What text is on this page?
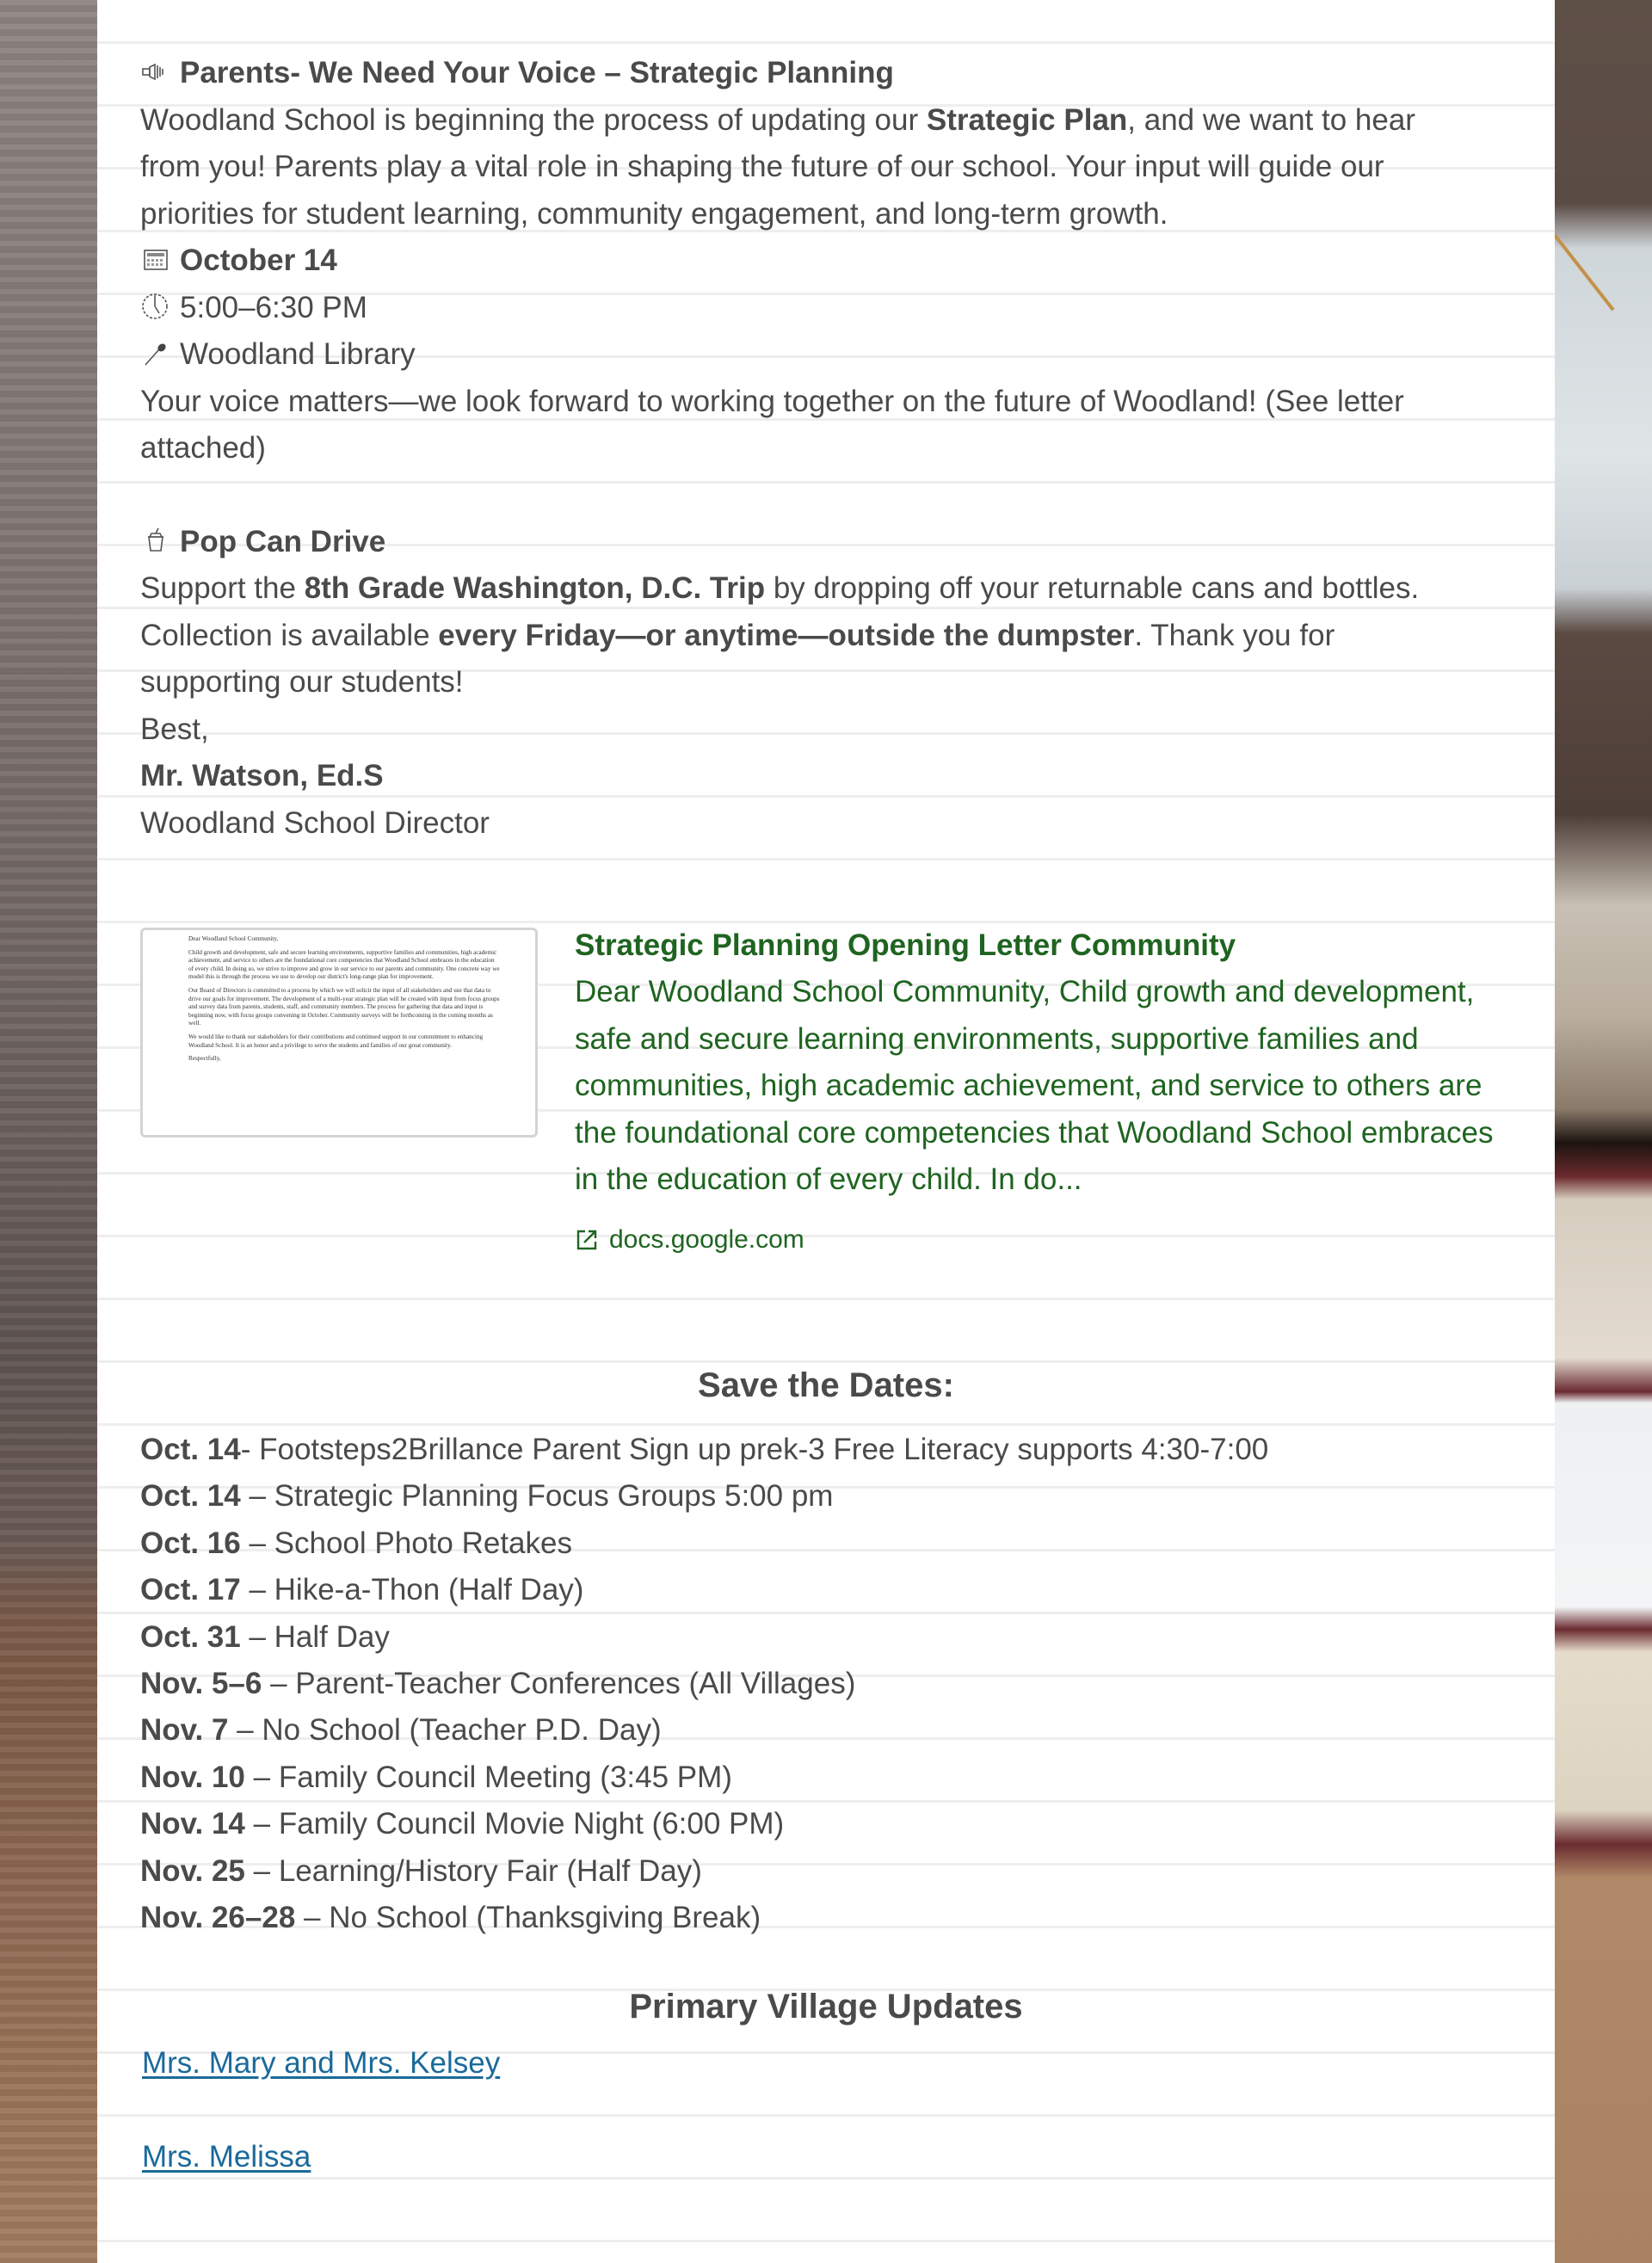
Parents- We Need Your Voice – Strategic Planning
Woodland School is beginning the process of updating our Strategic Plan, and we want to hear from you! Parents play a vital role in shaping the future of our school. Your input will guide our priorities for student learning, community engagement, and long-term growth.
October 14
5:00–6:30 PM
Woodland Library
Your voice matters—we look forward to working together on the future of Woodland! (See letter attached)
Pop Can Drive
Support the 8th Grade Washington, D.C. Trip by dropping off your returnable cans and bottles.
Collection is available every Friday—or anytime—outside the dumpster. Thank you for supporting our students!
Best,
Mr. Watson, Ed.S
Woodland School Director

Dear Woodland School Community,

Child growth and development, safe and secure learning environments, supportive families and communities, high academic achievement, and service to others are the foundational core competencies that Woodland School embraces in the education of every child. In doing so, we strive to improve and grow in our service to our parents and community. One concrete way we model this is through the process we use to develop our district's long-range plan for improvement.

Our Board of Directors is committed to a process by which we will solicit the input of all stakeholders and use that data to drive our goals for improvement. The development of a multi-year strategic plan will be created with input from focus groups and survey data from parents, students, staff, and community members. The process for gathering that data and input is beginning now, with focus groups convening in October. Community surveys will be forthcoming in the coming months as well.

We would like to thank our stakeholders for their contributions and continued support in our commitment to enhancing Woodland School. It is an honor and a privilege to serve the students and families of our great community.

Respectfully,

Strategic Planning Opening Letter Community
Dear Woodland School Community, Child growth and development, safe and secure learning environments, supportive families and communities, high academic achievement, and service to others are the foundational core competencies that Woodland School embraces in the education of every child. In do...
docs.google.com
Save the Dates:
Oct. 14- Footsteps2Brillance Parent Sign up prek-3 Free Literacy supports 4:30-7:00
Oct. 14 – Strategic Planning Focus Groups 5:00 pm
Oct. 16 – School Photo Retakes
Oct. 17 – Hike-a-Thon (Half Day)
Oct. 31 – Half Day
Nov. 5–6 – Parent-Teacher Conferences (All Villages)
Nov. 7 – No School (Teacher P.D. Day)
Nov. 10 – Family Council Meeting (3:45 PM)
Nov. 14 – Family Council Movie Night (6:00 PM)
Nov. 25 – Learning/History Fair (Half Day)
Nov. 26–28 – No School (Thanksgiving Break)
Primary Village Updates
Mrs. Mary and Mrs. Kelsey
Mrs. Melissa
